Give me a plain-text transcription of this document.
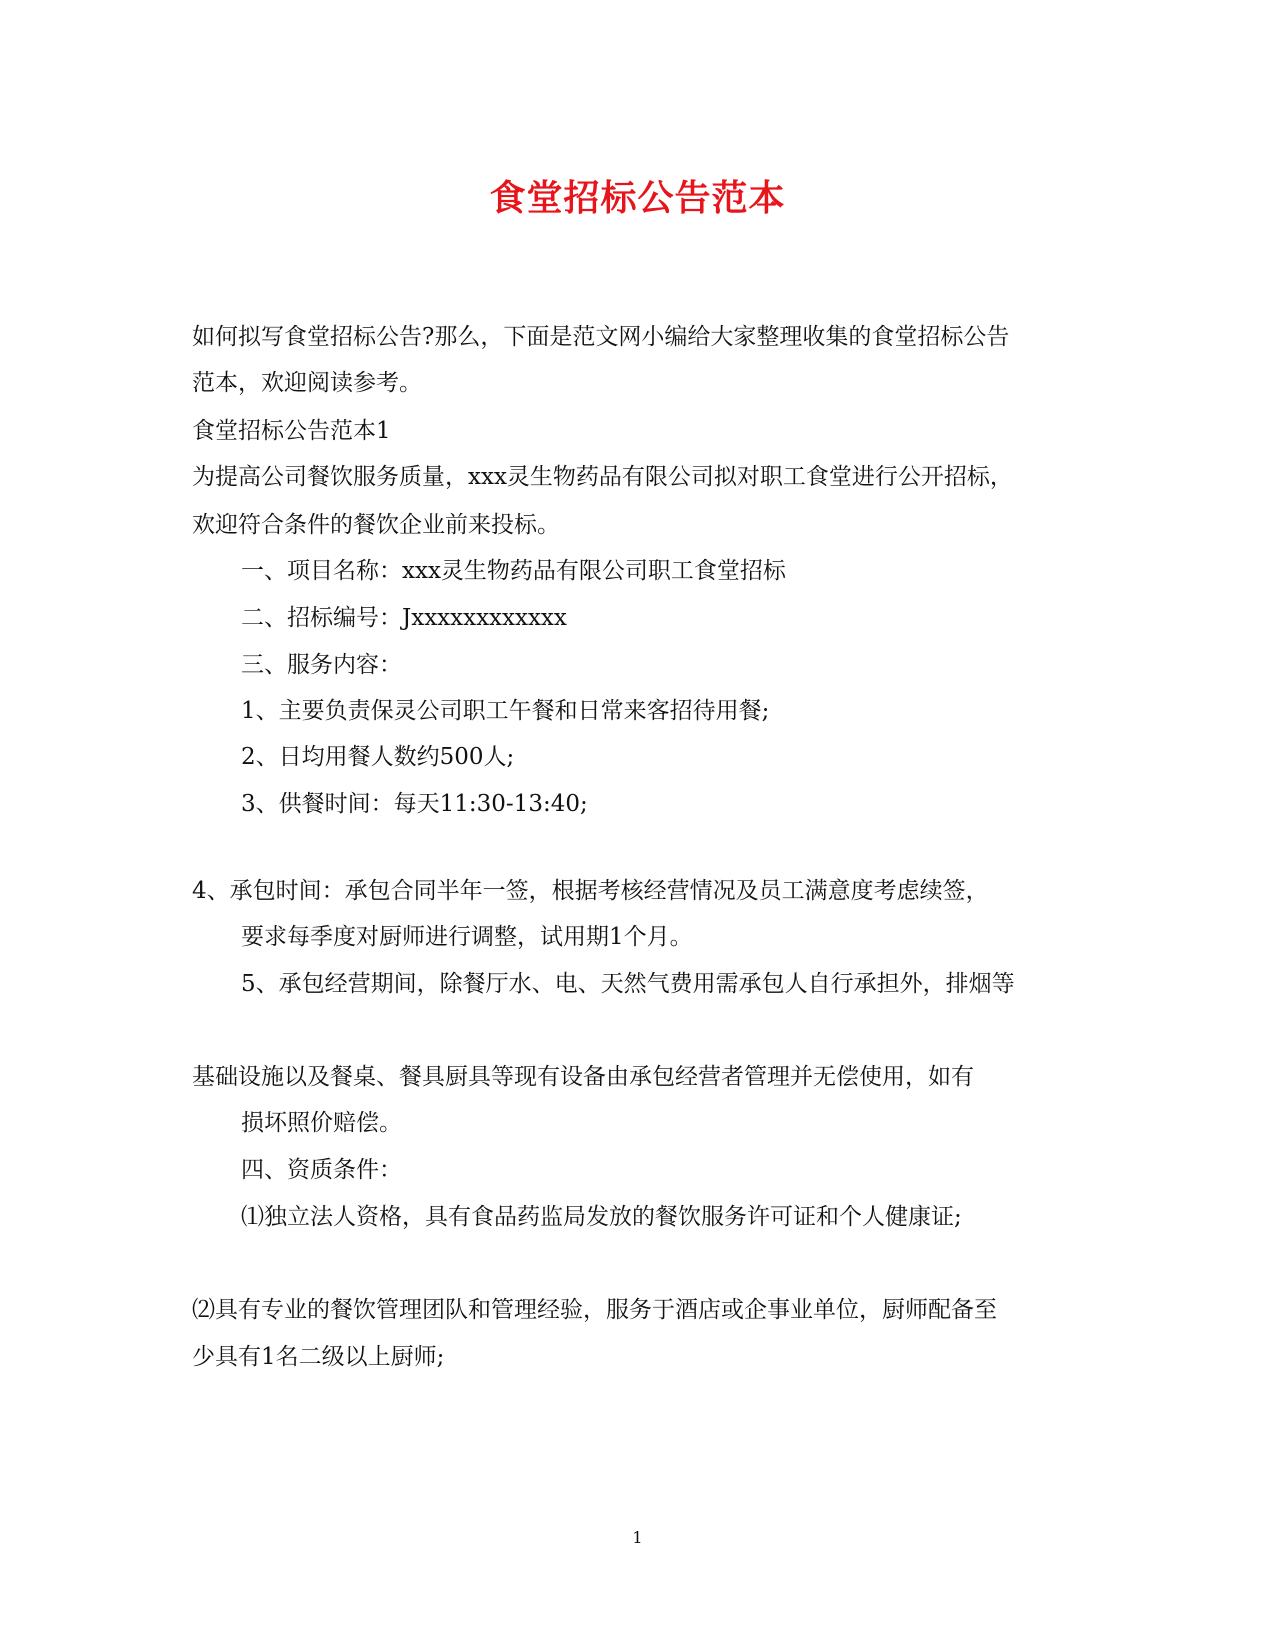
食堂招标公告范本
如何拟写食堂招标公告?那么，下面是范文网小编给大家整理收集的食堂招标公告
范本，欢迎阅读参考。
食堂招标公告范本1
为提高公司餐饮服务质量，xxx灵生物药品有限公司拟对职工食堂进行公开招标，
欢迎符合条件的餐饮企业前来投标。
一、项目名称：xxx灵生物药品有限公司职工食堂招标
二、招标编号：Jxxxxxxxxxxxx
三、服务内容：
1、主要负责保灵公司职工午餐和日常来客招待用餐;
2、日均用餐人数约500人;
3、供餐时间：每天11:30-13:40;
4、承包时间：承包合同半年一签，根据考核经营情况及员工满意度考虑续签，
要求每季度对厨师进行调整，试用期1个月。
5、承包经营期间，除餐厅水、电、天然气费用需承包人自行承担外，排烟等
基础设施以及餐桌、餐具厨具等现有设备由承包经营者管理并无偿使用，如有
损坏照价赔偿。
四、资质条件：
⑴独立法人资格，具有食品药监局发放的餐饮服务许可证和个人健康证;
⑵具有专业的餐饮管理团队和管理经验，服务于酒店或企事业单位，厨师配备至
少具有1名二级以上厨师;
1
